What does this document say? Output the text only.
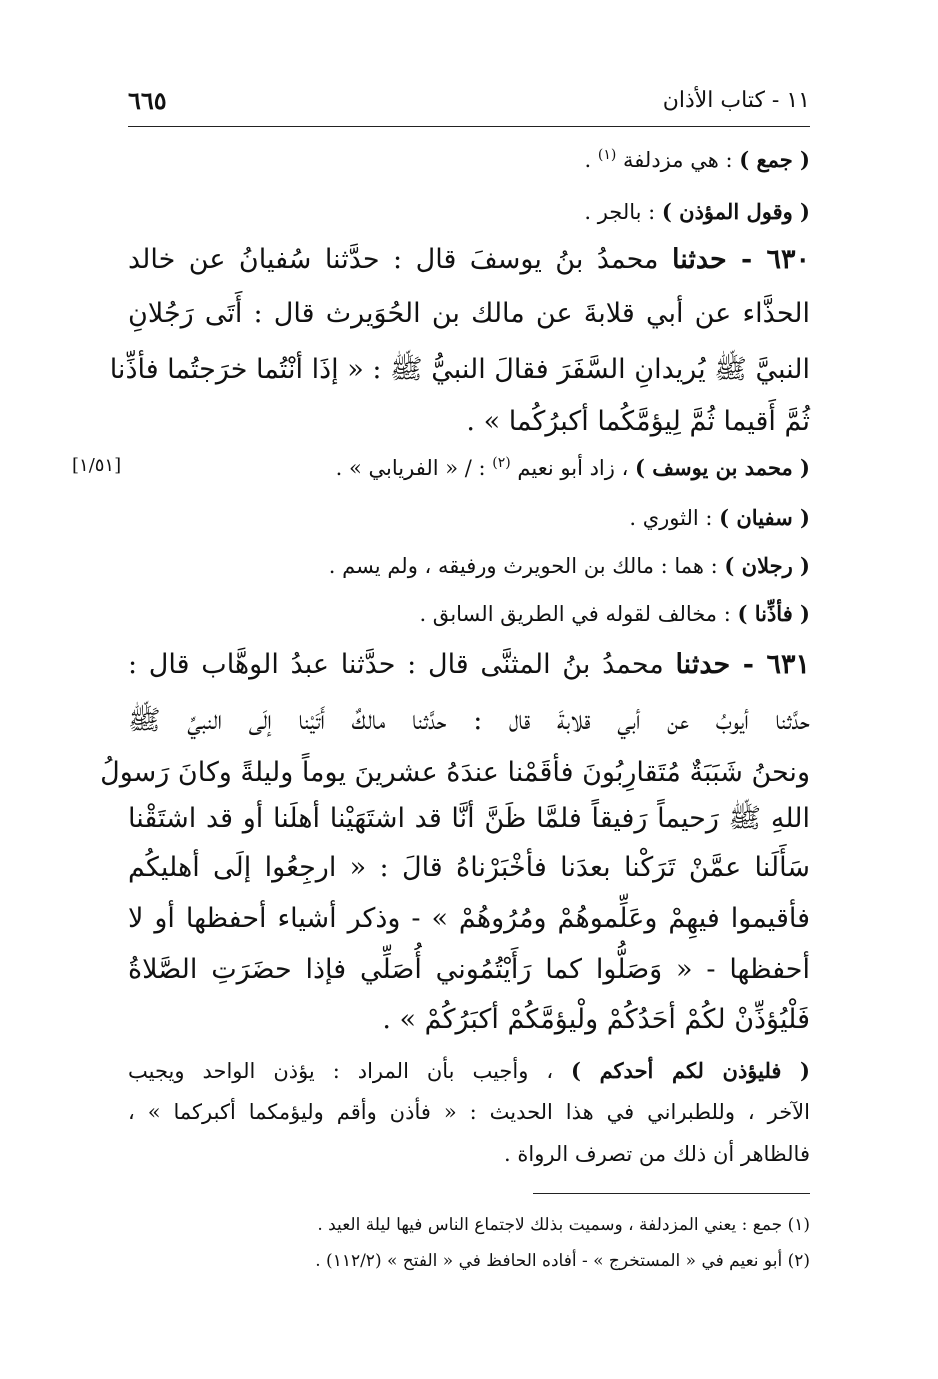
١١ - كتاب الأذان
٦٦٥
( جمع ) : هي مزدلفة $^{(١)}$ .
( وقول المؤذن ) : بالجر .
٦٣٠ - حدثنا محمدُ بنُ يوسفَ قال : حدَّثنا سُفيانُ عن خالد
الحذَّاء عن أبي قلابةَ عن مالك بن الحُوَيرث قال : أَتَى رَجُلانِ
النبيَّ ﷺ يُريدانِ السَّفَرَ فقالَ النبيُّ ﷺ : « إذَا أنْتُما خرَجتُما فأذِّنا
ثُمَّ أَقيما ثُمَّ لِيؤمَّكُما أكبرُكُما » .
[١/٥١]	( محمد بن يوسف ) ، زاد أبو نعيم $^{(٢)}$ : / « الفريابي » .
( سفيان ) : الثوري .
( رجلان ) : هما : مالك بن الحويرث ورفيقه ، ولم يسم .
( فأذِّنا ) : مخالف لقوله في الطريق السابق .
٦٣١ - حدثنا محمدُ بنُ المثنَّى قال : حدَّثنا عبدُ الوهَّاب قال :
حدَّثنا أيوبُ عن أبي قلابةَ قال : حدَّثنا مالكٌ أَتَيْنا إلَى النبيِّ ﷺ
ونحنُ شَبَبَةٌ مُتَقارِبُونَ فأقَمْنا عندَهُ عشرينَ يوماً وليلةً وكانَ رَسولُ
اللهِ ﷺ رَحيماً رَفيقاً فلمَّا ظَنَّ أنَّا قد اشتَهَيْنا أهلَنا أو قد اشتَقْنا
سَأَلَنا عمَّنْ تَرَكْنا بعدَنا فأخْبَرْناهُ قالَ : « ارجِعُوا إلَى أهليكُم
فأقيموا فيهِمْ وعَلِّموهُمْ ومُرُوهُمْ » - وذكر أشياء أحفظها أو لا
أحفظها - « وَصَلُّوا كما رَأَيْتُمُوني أُصَلِّي فإذا حضَرَتِ الصَّلاةُ
فَلْيُؤذِّنْ لكُمْ أحَدُكُمْ ولْيؤمَّكُمْ أكبَرُكُمْ » .
( فليؤذن لكم أحدكم ) ، وأجيب بأن المراد : يؤذن الواحد ويجيب
الآخر ، وللطبراني في هذا الحديث : « فأذن وأقم وليؤمكما أكبركما » ،
فالظاهر أن ذلك من تصرف الرواة .
(١) جمع : يعني المزدلفة ، وسميت بذلك لاجتماع الناس فيها ليلة العيد .
(٢) أبو نعيم في « المستخرج » - أفاده الحافظ في « الفتح » (١١٢/٢) .
